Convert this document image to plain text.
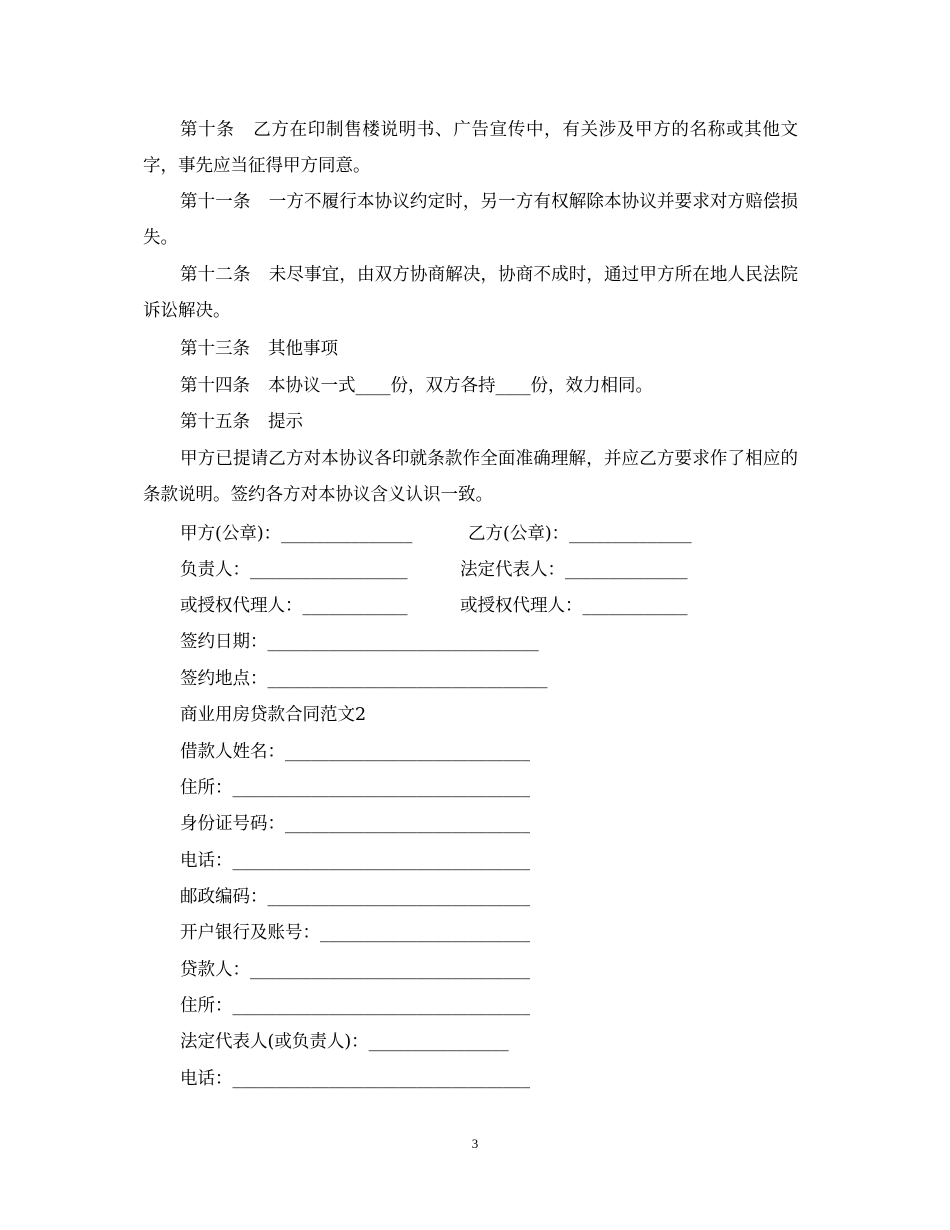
第十条 乙方在印制售楼说明书、广告宣传中，有关涉及甲方的名称或其他文字，事先应当征得甲方同意。

第十一条 一方不履行本协议约定时，另一方有权解除本协议并要求对方赔偿损失。

第十二条 未尽事宜，由双方协商解决，协商不成时，通过甲方所在地人民法院诉讼解决。

第十三条 其他事项

第十四条 本协议一式____份，双方各持____份，效力相同。

第十五条 提示

甲方已提请乙方对本协议各印就条款作全面准确理解，并应乙方要求作了相应的条款说明。签约各方对本协议含义认识一致。

甲方(公章)：_______________	乙方(公章)：______________
负责人：__________________	法定代表人：______________
或授权代理人：____________	或授权代理人：____________
签约日期：_______________________________
签约地点：________________________________
商业用房贷款合同范文2
借款人姓名：____________________________
住所：__________________________________
身份证号码：____________________________
电话：__________________________________
邮政编码：______________________________
开户银行及账号：________________________
贷款人：________________________________
住所：__________________________________
法定代表人(或负责人)：________________
电话：__________________________________
3
